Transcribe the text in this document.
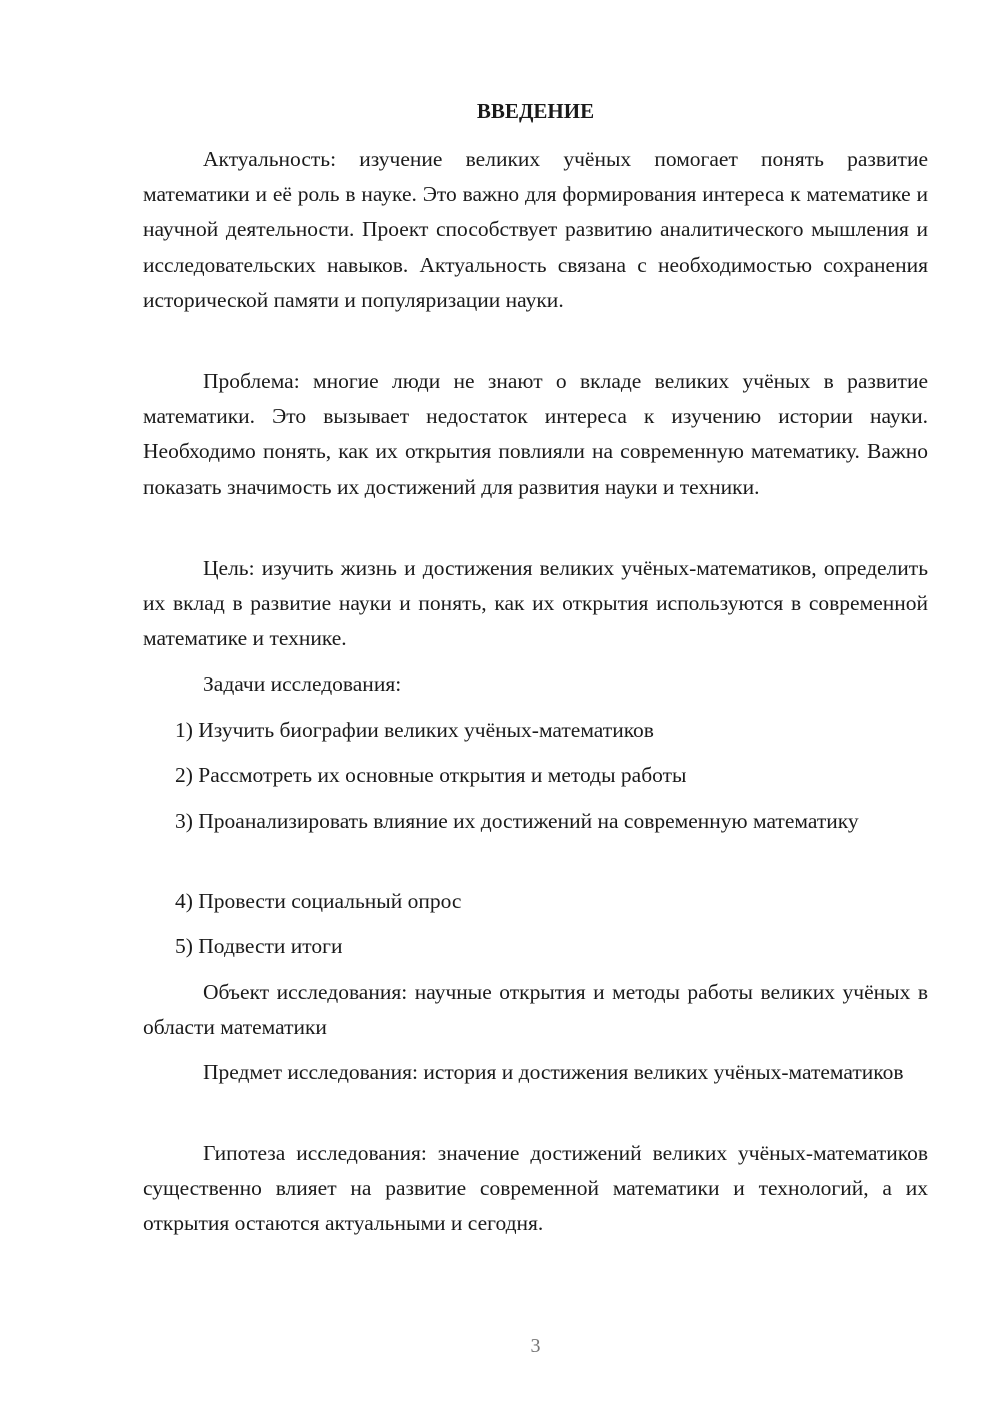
ВВЕДЕНИЕ

Актуальность: изучение великих учёных помогает понять развитие математики и её роль в науке. Это важно для формирования интереса к математике и научной деятельности. Проект способствует развитию аналитического мышления и исследовательских навыков. Актуальность связана с необходимостью сохранения исторической памяти и популяризации науки.

Проблема: многие люди не знают о вкладе великих учёных в развитие математики. Это вызывает недостаток интереса к изучению истории науки. Необходимо понять, как их открытия повлияли на современную математику. Важно показать значимость их достижений для развития науки и техники.

Цель: изучить жизнь и достижения великих учёных-математиков, определить их вклад в развитие науки и понять, как их открытия используются в современной математике и технике.

Задачи исследования:
1) Изучить биографии великих учёных-математиков
2) Рассмотреть их основные открытия и методы работы

3) Проанализировать влияние их достижений на современную математику

4) Провести социальный опрос
5) Подвести итоги

Объект исследования: научные открытия и методы работы великих учёных в области математики

Предмет исследования: история и достижения великих учёных-математиков

Гипотеза исследования: значение достижений великих учёных-математиков существенно влияет на развитие современной математики и технологий, а их открытия остаются актуальными и сегодня.

3
